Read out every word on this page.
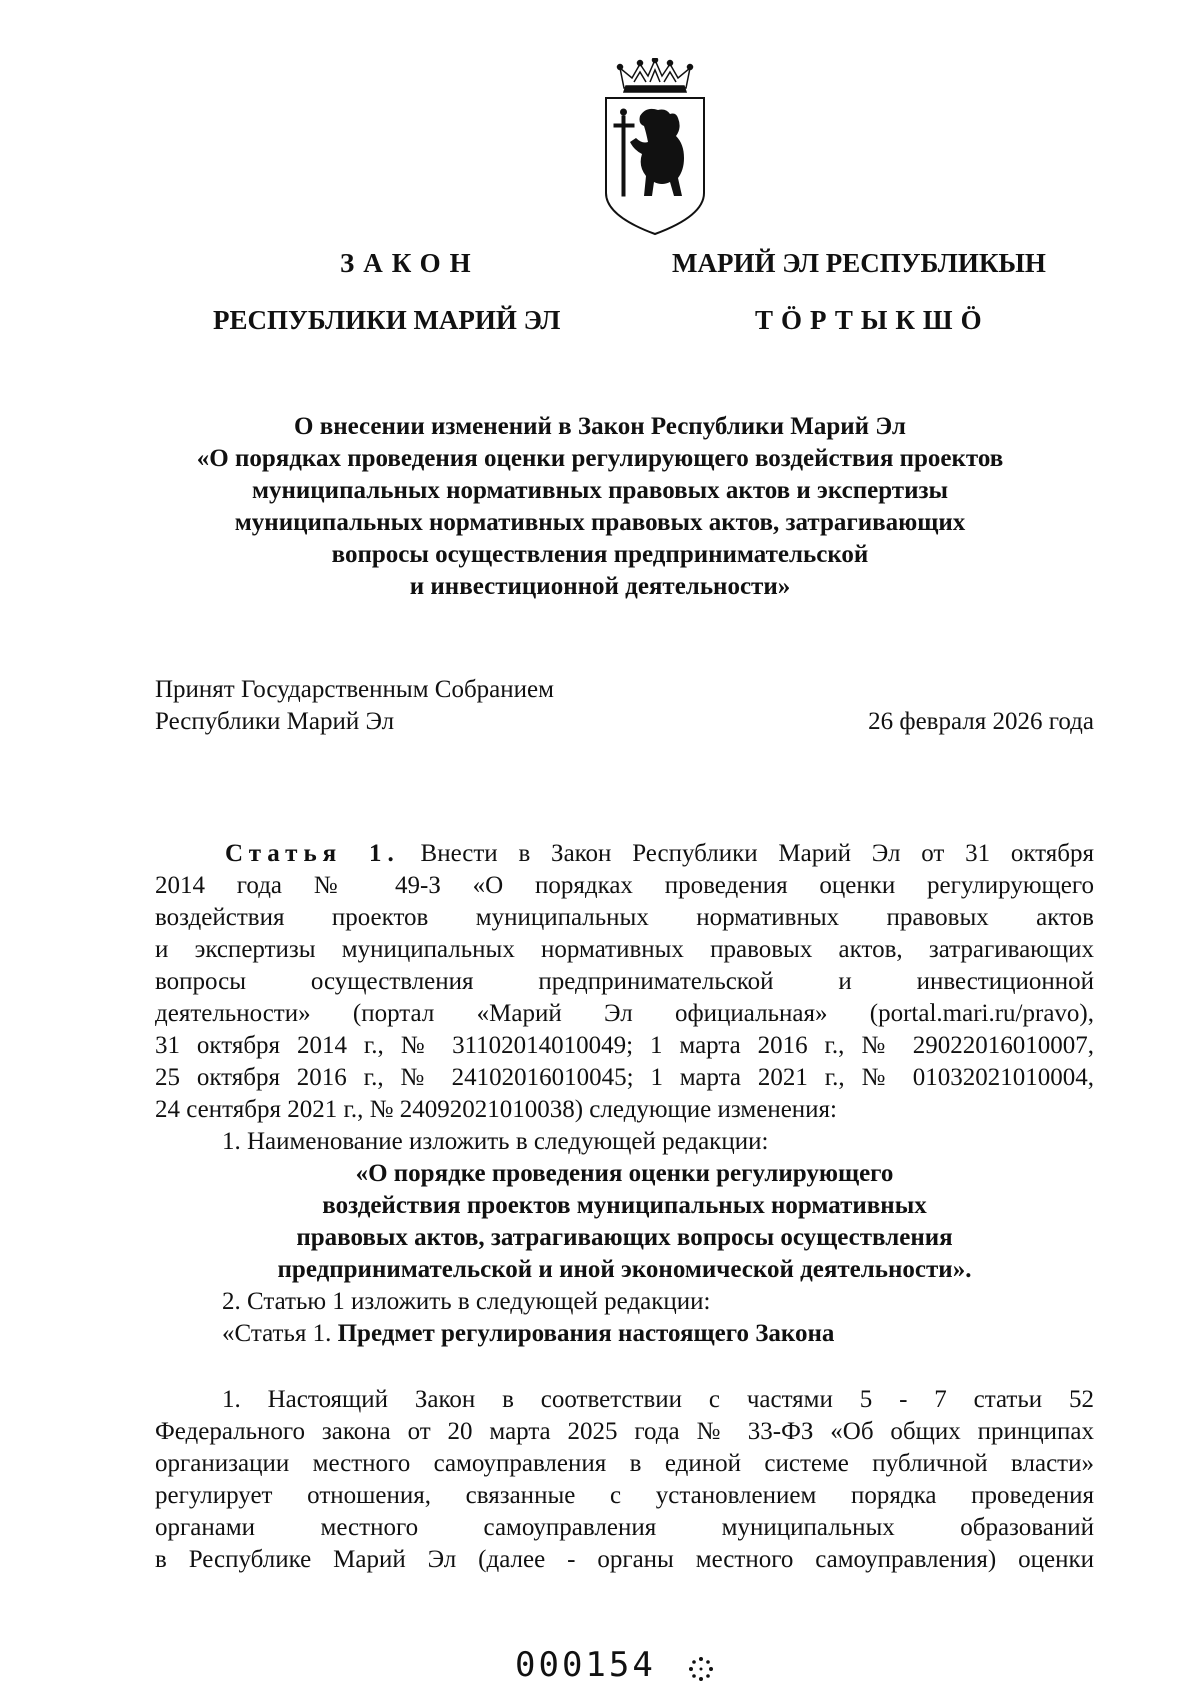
ЗАКОН
РЕСПУБЛИКИ МАРИЙ ЭЛ
МАРИЙ ЭЛ РЕСПУБЛИКЫН
ТӦРТЫКШӦ
О внесении изменений в Закон Республики Марий Эл
«О порядках проведения оценки регулирующего воздействия проектов
муниципальных нормативных правовых актов и экспертизы
муниципальных нормативных правовых актов, затрагивающих
вопросы осуществления предпринимательской
и инвестиционной деятельности»
Принят Государственным Собранием
Республики Марий Эл	26 февраля 2026 года
Статья 1. Внести в Закон Республики Марий Эл от 31 октября
2014 года № 49-З «О порядках проведения оценки регулирующего
воздействия проектов муниципальных нормативных правовых актов
и экспертизы муниципальных нормативных правовых актов, затрагивающих
вопросы осуществления предпринимательской и инвестиционной
деятельности» (портал «Марий Эл официальная» (portal.mari.ru/pravo),
31 октября 2014 г., № 31102014010049; 1 марта 2016 г., № 29022016010007,
25 октября 2016 г., № 24102016010045; 1 марта 2021 г., № 01032021010004,
24 сентября 2021 г., № 24092021010038) следующие изменения:
1. Наименование изложить в следующей редакции:
«О порядке проведения оценки регулирующего
воздействия проектов муниципальных нормативных
правовых актов, затрагивающих вопросы осуществления
предпринимательской и иной экономической деятельности».
2. Статью 1 изложить в следующей редакции:
«Статья 1. Предмет регулирования настоящего Закона
1. Настоящий Закон в соответствии с частями 5 - 7 статьи 52
Федерального закона от 20 марта 2025 года № 33-ФЗ «Об общих принципах
организации местного самоуправления в единой системе публичной власти»
регулирует отношения, связанные с установлением порядка проведения
органами местного самоуправления муниципальных образований
в Республике Марий Эл (далее - органы местного самоуправления) оценки
000154
